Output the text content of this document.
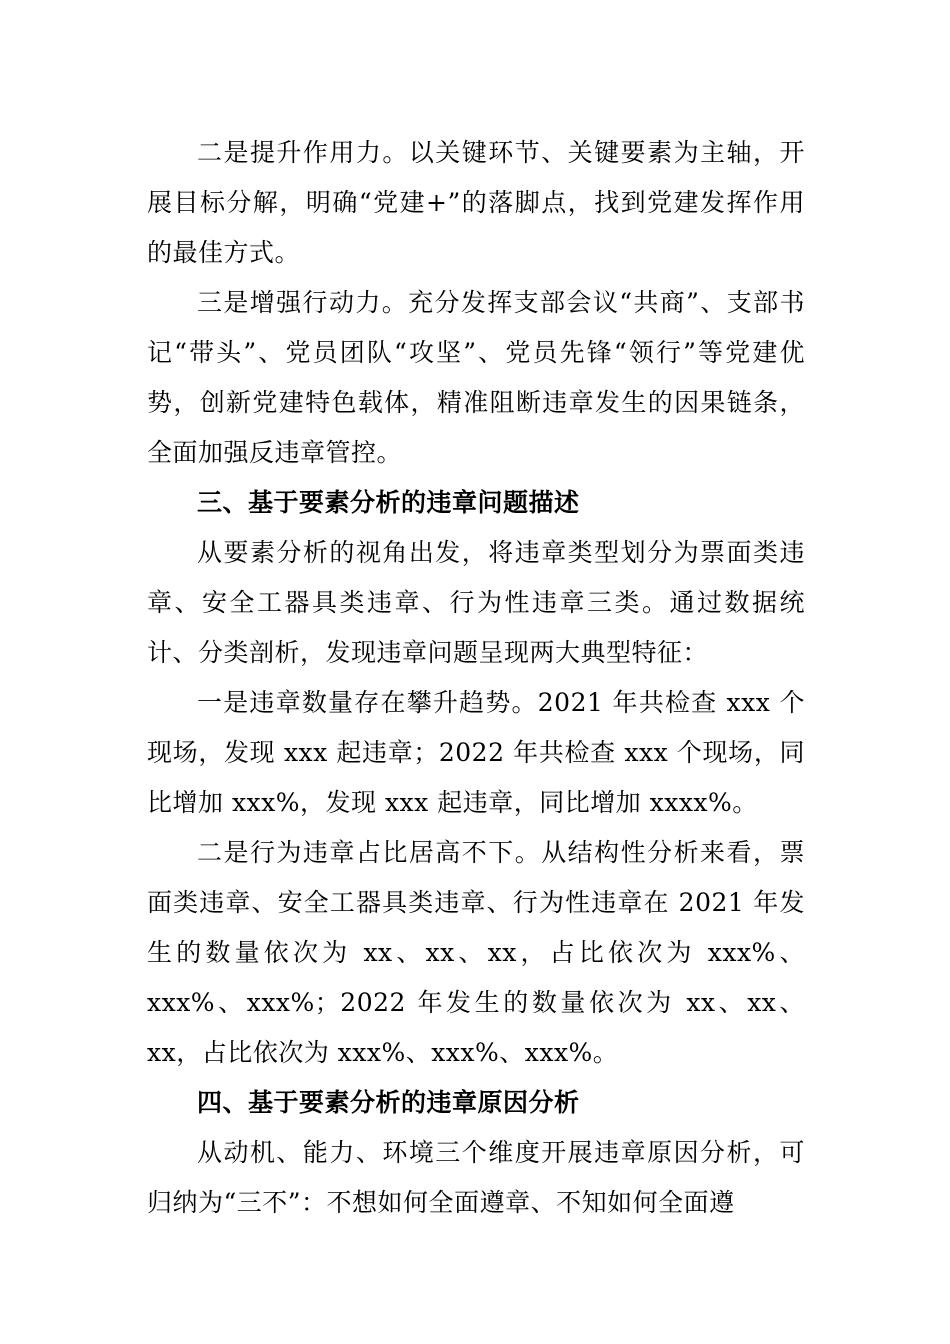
二是提升作用力。以关键环节、关键要素为主轴，开展目标分解，明确“党建+”的落脚点，找到党建发挥作用的最佳方式。

三是增强行动力。充分发挥支部会议“共商”、支部书记“带头”、党员团队“攻坚”、党员先锋“领行”等党建优势，创新党建特色载体，精准阻断违章发生的因果链条，全面加强反违章管控。

三、基于要素分析的违章问题描述

从要素分析的视角出发，将违章类型划分为票面类违章、安全工器具类违章、行为性违章三类。通过数据统计、分类剖析，发现违章问题呈现两大典型特征：

一是违章数量存在攀升趋势。2021 年共检查 xxx 个现场，发现 xxx 起违章；2022 年共检查 xxx 个现场，同比增加 xxx%，发现 xxx 起违章，同比增加 xxxx%。

二是行为违章占比居高不下。从结构性分析来看，票面类违章、安全工器具类违章、行为性违章在 2021 年发生的数量依次为 xx、xx、xx，占比依次为 xxx%、xxx%、xxx%；2022 年发生的数量依次为 xx、xx、xx，占比依次为 xxx%、xxx%、xxx%。

四、基于要素分析的违章原因分析

从动机、能力、环境三个维度开展违章原因分析，可归纳为“三不”：不想如何全面遵章、不知如何全面遵
